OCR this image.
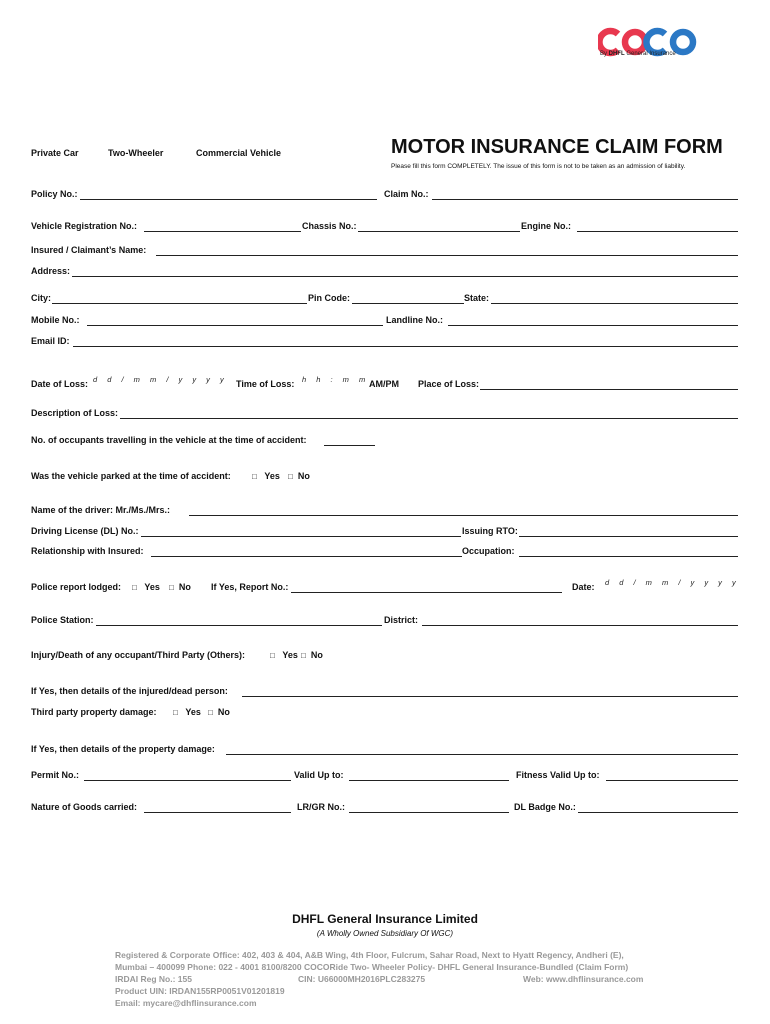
By DHFL General Insurance
Private Car	Two-Wheeler	Commercial Vehicle	MOTOR INSURANCE CLAIM FORM
Please fill this form COMPLETELY. The issue of this form is not to be taken as an admission of liability.
Policy No.:	Claim No.:
Vehicle Registration No.:	Chassis No.:	Engine No.:
Insured / Claimant’s Name:
Address:
City:	Pin Code:	State:
Mobile No.:	Landline No.:
Email ID:
Date of Loss: d d / m m / y y y y Time of Loss: h h : m m AM/PM Place of Loss:
Description of Loss:
No. of occupants travelling in the vehicle at the time of accident:
Was the vehicle parked at the time of accident:	□ Yes □ No
Name of the driver: Mr./Ms./Mrs.:
Driving License (DL) No.:	Issuing RTO:
Relationship with Insured:	Occupation:
Police report lodged: □ Yes □ No If Yes, Report No.:	Date: d d / m m / y y y y
Police Station:	District:
Injury/Death of any occupant/Third Party (Others):	□ Yes □ No
If Yes, then details of the injured/dead person:
Third party property damage: □ Yes □ No
If Yes, then details of the property damage:
Permit No.:	Valid Up to:	Fitness Valid Up to:
Nature of Goods carried:	LR/GR No.:	DL Badge No.:
DHFL General Insurance Limited
(A Wholly Owned Subsidiary Of WGC)
Registered & Corporate Office: 402, 403 & 404, A&B Wing, 4th Floor, Fulcrum, Sahar Road, Next to Hyatt Regency, Andheri (E),
Mumbai – 400099 Phone: 022 - 4001 8100/8200 COCORide Two- Wheeler Policy- DHFL General Insurance-Bundled (Claim Form)
IRDAI Reg No.: 155	CIN: U66000MH2016PLC283275	Web: www.dhflinsurance.com
Product UIN: IRDAN155RP0051V01201819
Email: mycare@dhflinsurance.com
